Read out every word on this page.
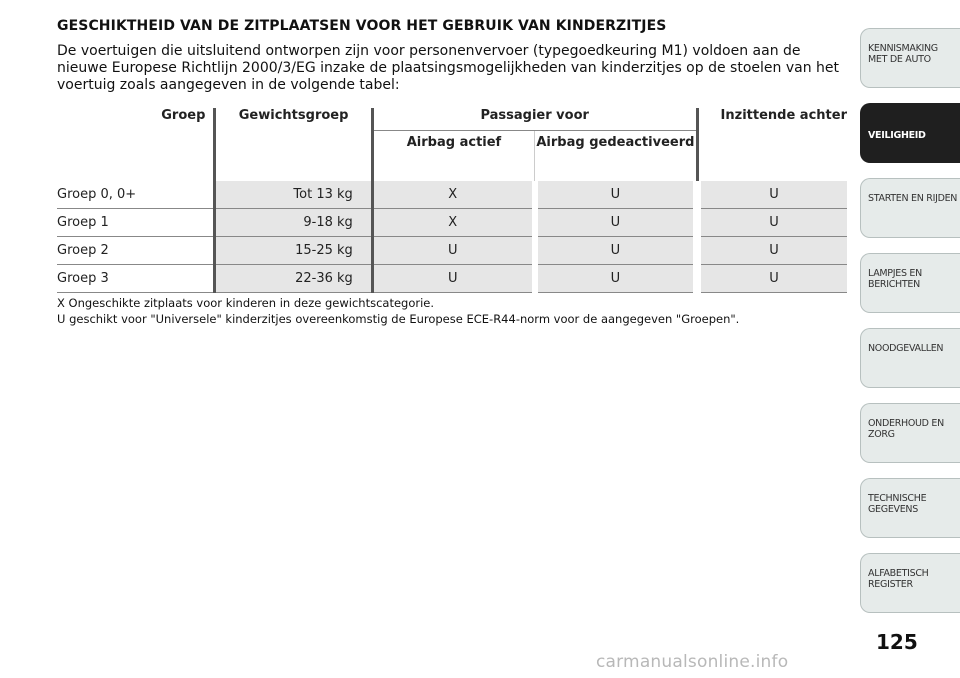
GESCHIKTHEID VAN DE ZITPLAATSEN VOOR HET GEBRUIK VAN KINDERZITJES

De voertuigen die uitsluitend ontworpen zijn voor personenvervoer (typegoedkeuring M1) voldoen aan de nieuwe Europese Richtlijn 2000/3/EG inzake de plaatsingsmogelijkheden van kinderzitjes op de stoelen van het voertuig zoals aangegeven in de volgende tabel:

Groep	Gewichtsgroep	Passagier voor		Inzittende achter
		Airbag actief	Airbag gedeactiveerd	
Groep 0, 0+	Tot 13 kg	X	U	U
Groep 1	9-18 kg	X	U	U
Groep 2	15-25 kg	U	U	U
Groep 3	22-36 kg	U	U	U

X Ongeschikte zitplaats voor kinderen in deze gewichtscategorie.

U geschikt voor "Universele" kinderzitjes overeenkomstig de Europese ECE-R44-norm voor de aangegeven "Groepen".

KENNISMAKING
MET DE AUTO
VEILIGHEID
STARTEN EN RIJDEN
LAMPJES EN
BERICHTEN
NOODGEVALLEN
ONDERHOUD EN
ZORG
TECHNISCHE
GEGEVENS
ALFABETISCH
REGISTER
125
carmanualsonline.info
